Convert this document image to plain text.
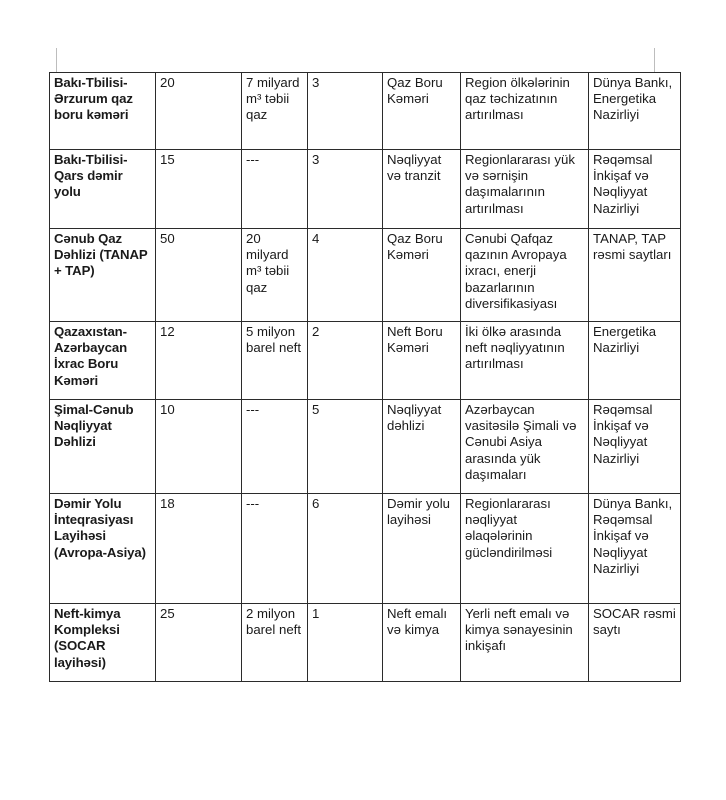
Bakı-Tbilisi-Ərzurum qaz boru kəməri	20	7 milyard m³ təbii qaz	3	Qaz Boru Kəməri	Region ölkələrinin qaz təchizatının artırılması	Dünya Bankı, Energetika Nazirliyi
Bakı-Tbilisi-Qars dəmir yolu	15	---	3	Nəqliyyat və tranzit	Regionlararası yük və sərnişin daşımalarının artırılması	Rəqəmsal İnkişaf və Nəqliyyat Nazirliyi
Cənub Qaz Dəhlizi (TANAP + TAP)	50	20 milyard m³ təbii qaz	4	Qaz Boru Kəməri	Cənubi Qafqaz qazının Avropaya ixracı, enerji bazarlarının diversifikasiyası	TANAP, TAP rəsmi saytları
Qazaxıstan-Azərbaycan İxrac Boru Kəməri	12	5 milyon barel neft	2	Neft Boru Kəməri	İki ölkə arasında neft nəqliyyatının artırılması	Energetika Nazirliyi
Şimal-Cənub Nəqliyyat Dəhlizi	10	---	5	Nəqliyyat dəhlizi	Azərbaycan vasitəsilə Şimali və Cənubi Asiya arasında yük daşımaları	Rəqəmsal İnkişaf və Nəqliyyat Nazirliyi
Dəmir Yolu İnteqrasiyası Layihəsi (Avropa-Asiya)	18	---	6	Dəmir yolu layihəsi	Regionlararası nəqliyyat əlaqələrinin gücləndirilməsi	Dünya Bankı, Rəqəmsal İnkişaf və Nəqliyyat Nazirliyi
Neft-kimya Kompleksi (SOCAR layihəsi)	25	2 milyon barel neft	1	Neft emalı və kimya	Yerli neft emalı və kimya sənayesinin inkişafı	SOCAR rəsmi saytı
